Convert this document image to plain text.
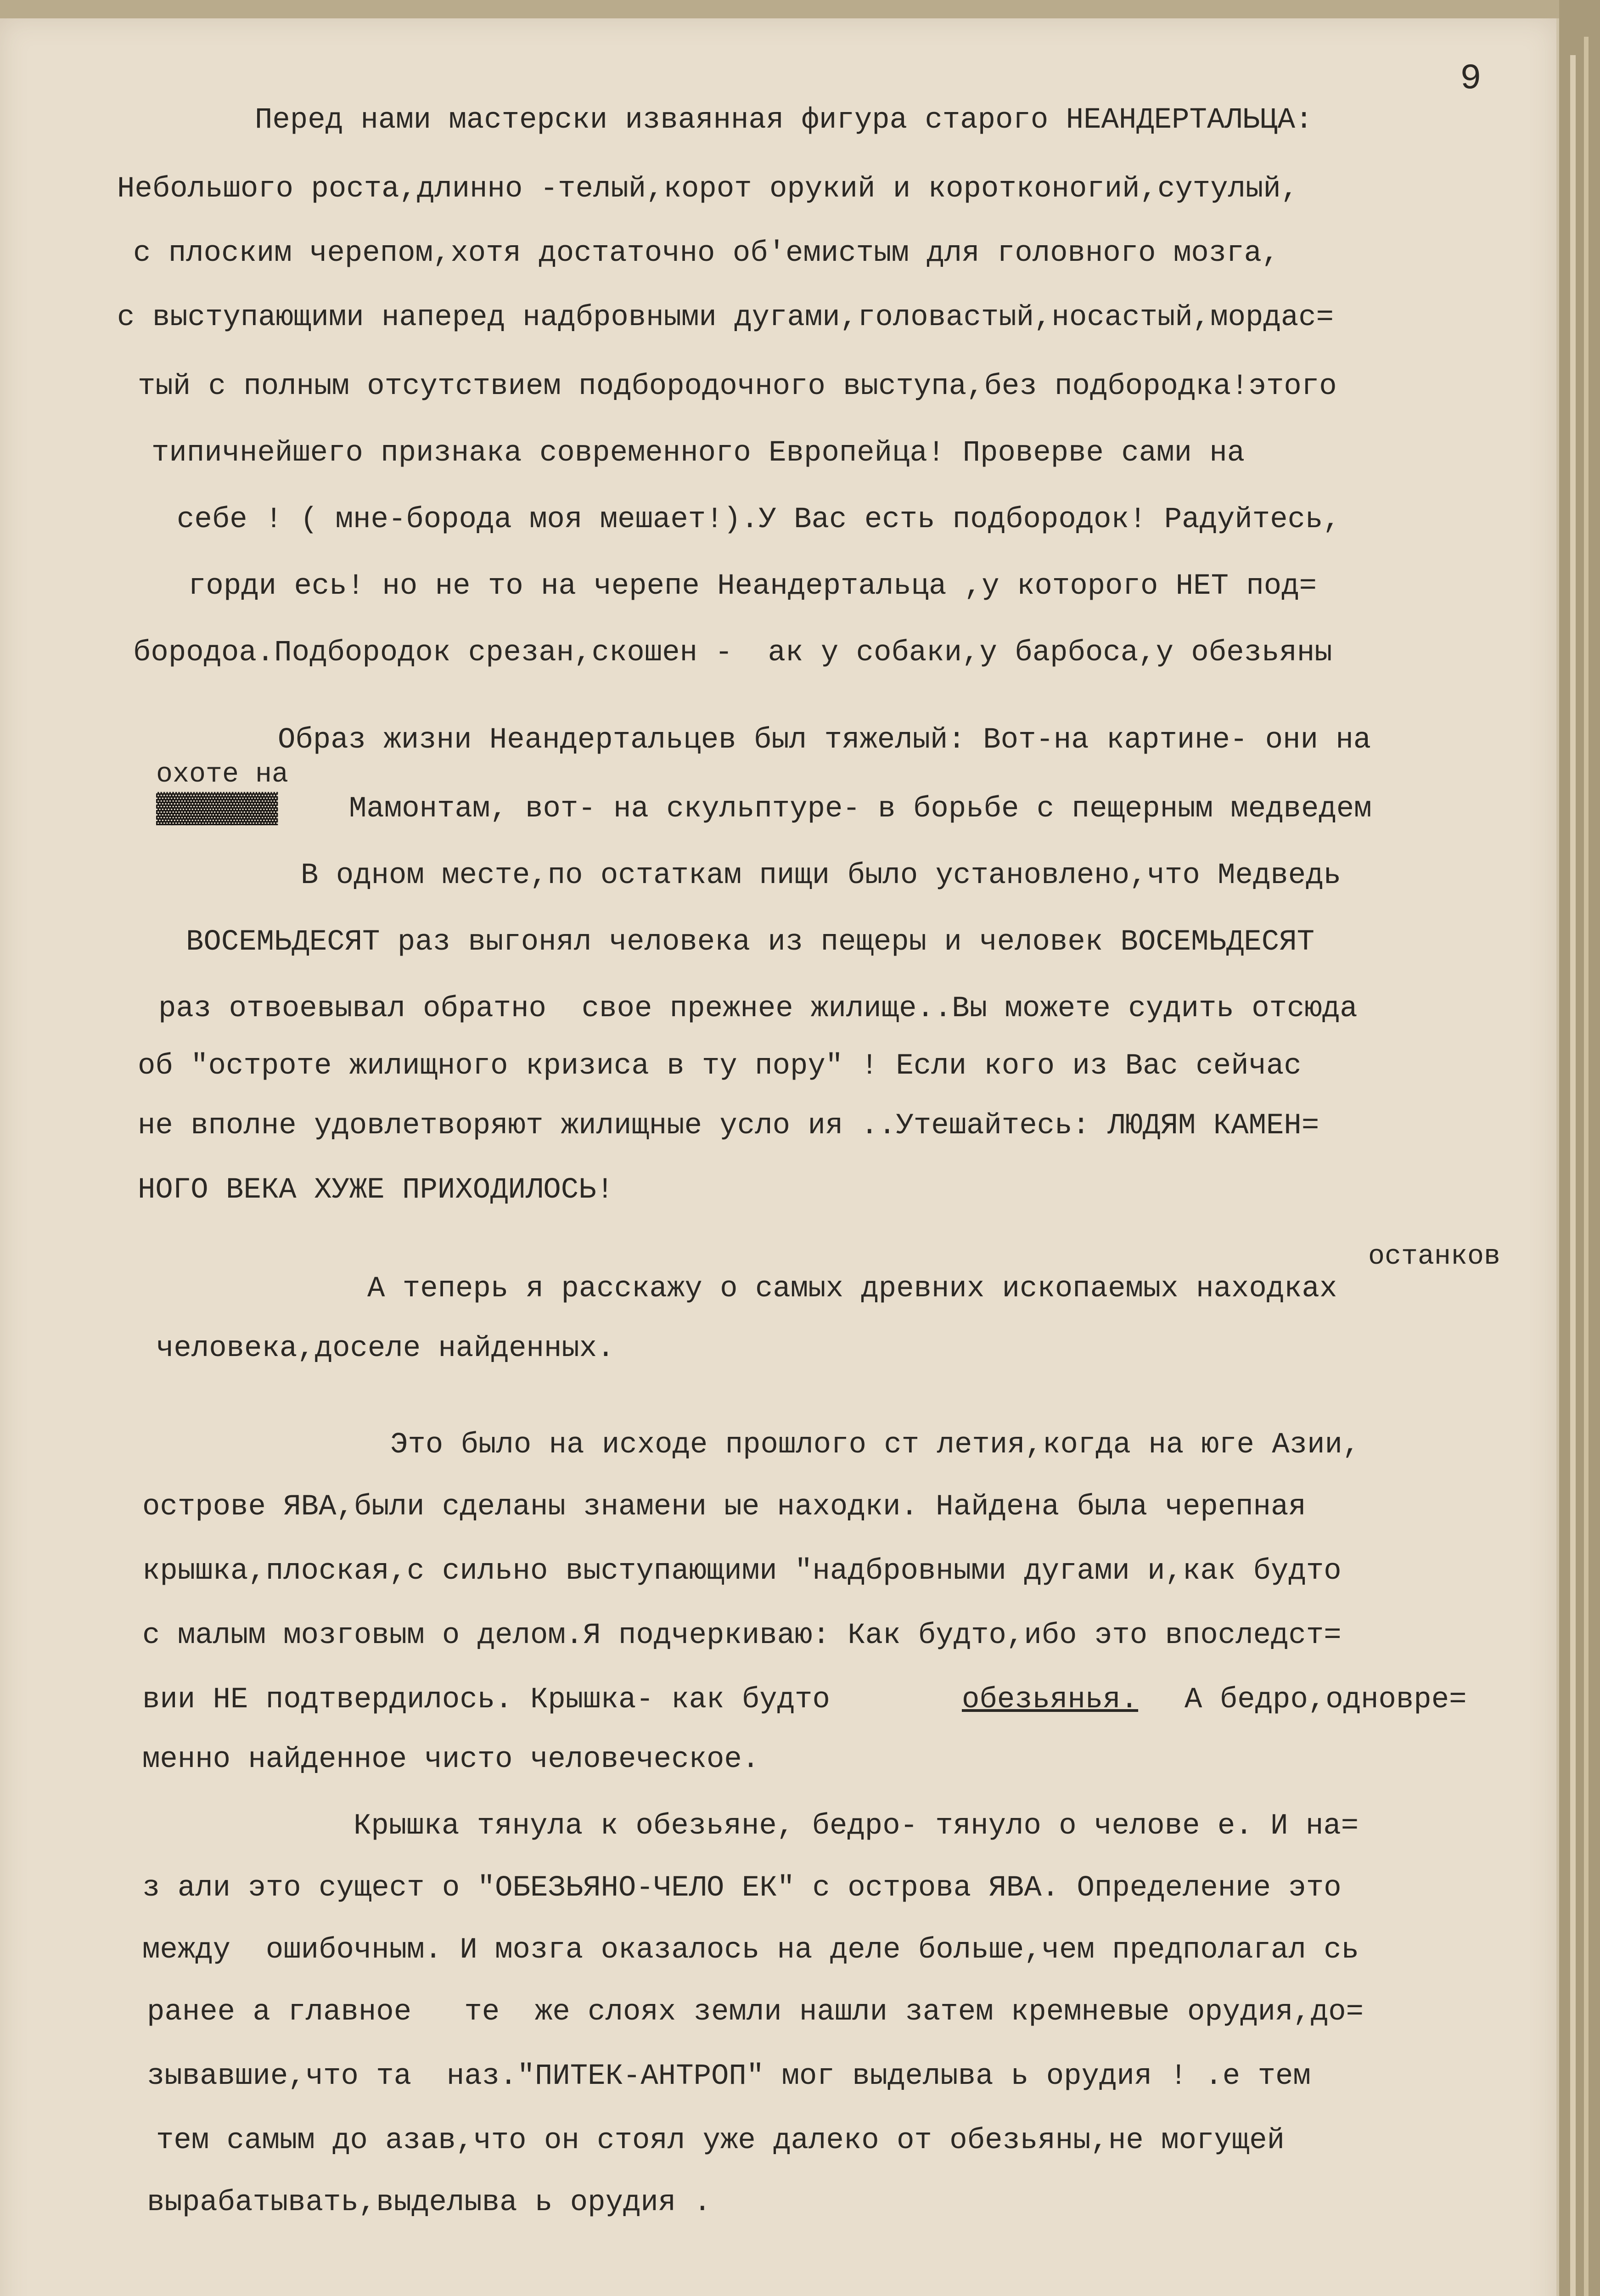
9
Перед нами мастерски изваянная фигура старого НЕАНДЕРТАЛЬЦА:
Небольшого роста,длинно -телый,корот орукий и коротконогий,сутулый,
с плоским черепом,хотя достаточно об'емистым для головного мозга,
с выступающими наперед надбровными дугами,головастый,носастый,мордас=
тый с полным отсутствием подбородочного выступа,без подбородка!этого
типичнейшего признака современного Европейца! Проверве сами на
себе ! ( мне-борода моя мешает!).У Вас есть подбородок! Радуйтесь,
горди есь! но не то на черепе Неандертальца ,у которого НЕТ под=
бородоа.Подбородок срезан,скошен -  ак у собаки,у барбоса,у обезьяны
Образ жизни Неандертальцев был тяжелый: Вот-на картине- они на
охоте на
Мамонтам, вот- на скульптуре- в борьбе с пещерным медведем
▓▓▓▓▓▓▓▓
В одном месте,по остаткам пищи было установлено,что Медведь
ВОСЕМЬДЕСЯТ раз выгонял человека из пещеры и человек ВОСЕМЬДЕСЯТ
раз отвоевывал обратно  свое прежнее жилище..Вы можете судить отсюда
об "остроте жилищного кризиса в ту пору" ! Если кого из Вас сейчас
не вполне удовлетворяют жилищные усло ия ..Утешайтесь: ЛЮДЯМ КАМЕН=
НОГО ВЕКА ХУЖЕ ПРИХОДИЛОСЬ!
останков
А теперь я расскажу о самых древних ископаемых находках
человека,доселе найденных.
Это было на исходе прошлого ст летия,когда на юге Азии,
острове ЯВА,были сделаны знамени ые находки. Найдена была черепная
крышка,плоская,с сильно выступающими "надбровными дугами и,как будто
с малым мозговым о делом.Я подчеркиваю: Как будто,ибо это впоследст=
вии НЕ подтвердилось. Крышка- как будто	обезьянья. А бедро,одновре=
менно найденное чисто человеческое.
Крышка тянула к обезьяне, бедро- тянуло о челове е. И на=
з али это сущест о "ОБЕЗЬЯНО-ЧЕЛО ЕК" с острова ЯВА. Определение это
между  ошибочным. И мозга оказалось на деле больше,чем предполагал сь
ранее а главное   те  же слоях земли нашли затем кремневые орудия,до=
зывавшие,что та  наз."ПИТЕК-АНТРОП" мог выделыва ь орудия ! .е тем
тем самым до азав,что он стоял уже далеко от обезьяны,не могущей
вырабатывать,выделыва ь орудия .
